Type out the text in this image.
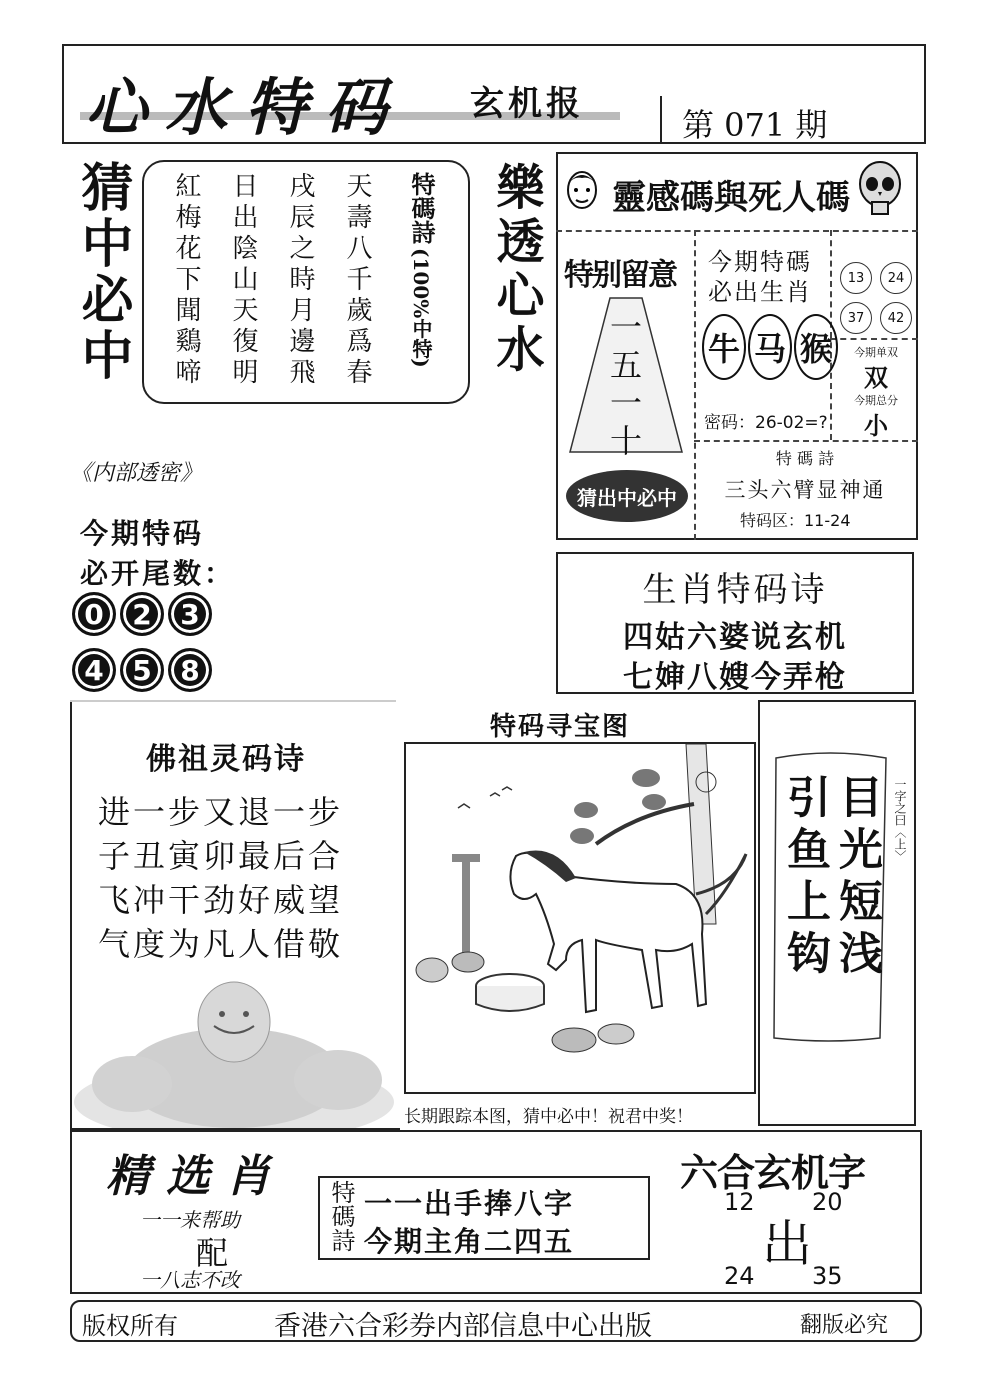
心水特码 玄机报
第 071 期
猜中必中 紅梅花下聞鷄啼 日出陰山天復明 戌辰之時月邊飛 天壽八千歲爲春 特碼詩
(100%中特) 樂透心水 靈感碼與死人碼
特别留意
一
五
一
十
猜出中必中
今期特碼
必出生肖
牛 马 猴
密码：26-02=?
13	24
37	42
今期单双
双
今期总分
小
特 碼 詩
三头六臂显神通
特码区：11-24
《内部透密》
今期特码
必开尾数：
0	2	3
4	5	8
生肖特码诗
四姑六婆说玄机
七婶八嫂今弄枪
佛祖灵码诗
进一步又退一步
子丑寅卯最后合
飞冲干劲好威望
气度为凡人借敬
特码寻宝图
长期跟踪本图，猜中必中！祝君中奖！
目光短浅
引鱼上钩	一字之曰〈上〉
精选肖
一一来帮助
配
一八志不改
特碼詩 一一出手捧八字
今期主角二四五
六合玄机字
12 20
出
24 35
版权所有	香港六合彩券内部信息中心出版	翻版必究
